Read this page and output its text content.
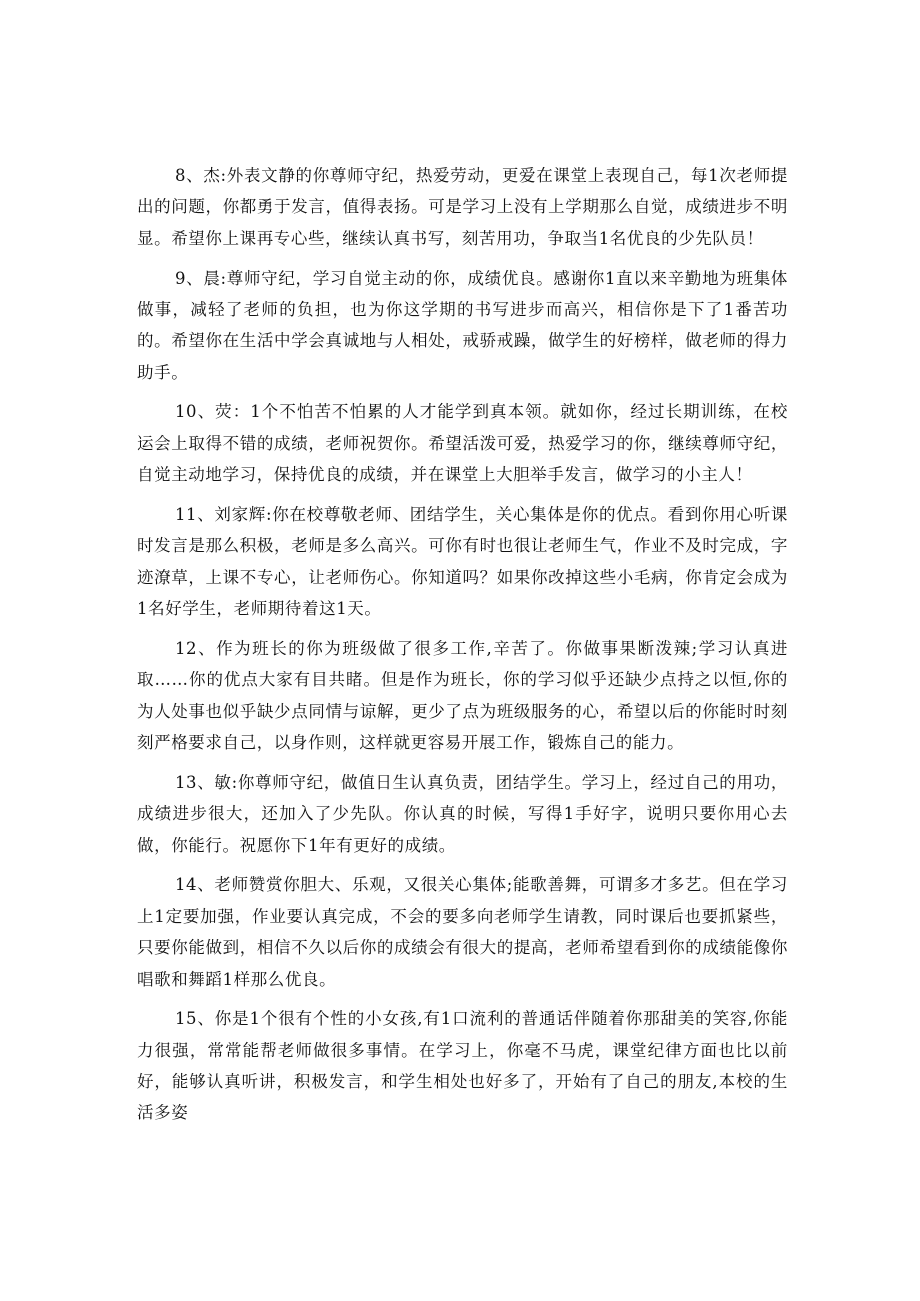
8、杰:外表文静的你尊师守纪，热爱劳动，更爱在课堂上表现自己，每1次老师提出的问题，你都勇于发言，值得表扬。可是学习上没有上学期那么自觉，成绩进步不明显。希望你上课再专心些，继续认真书写，刻苦用功，争取当1名优良的少先队员！

9、晨:尊师守纪，学习自觉主动的你，成绩优良。感谢你1直以来辛勤地为班集体做事，减轻了老师的负担，也为你这学期的书写进步而高兴，相信你是下了1番苦功的。希望你在生活中学会真诚地与人相处，戒骄戒躁，做学生的好榜样，做老师的得力助手。

10、荧：1个不怕苦不怕累的人才能学到真本领。就如你，经过长期训练，在校运会上取得不错的成绩，老师祝贺你。希望活泼可爱，热爱学习的你，继续尊师守纪，自觉主动地学习，保持优良的成绩，并在课堂上大胆举手发言，做学习的小主人！

11、刘家辉:你在校尊敬老师、团结学生，关心集体是你的优点。看到你用心听课时发言是那么积极，老师是多么高兴。可你有时也很让老师生气，作业不及时完成，字迹潦草，上课不专心，让老师伤心。你知道吗？如果你改掉这些小毛病，你肯定会成为1名好学生，老师期待着这1天。

12、作为班长的你为班级做了很多工作,辛苦了。你做事果断泼辣;学习认真进取……你的优点大家有目共睹。但是作为班长，你的学习似乎还缺少点持之以恒,你的为人处事也似乎缺少点同情与谅解，更少了点为班级服务的心，希望以后的你能时时刻刻严格要求自己，以身作则，这样就更容易开展工作，锻炼自己的能力。

13、敏:你尊师守纪，做值日生认真负责，团结学生。学习上，经过自己的用功，成绩进步很大，还加入了少先队。你认真的时候，写得1手好字，说明只要你用心去做，你能行。祝愿你下1年有更好的成绩。

14、老师赞赏你胆大、乐观，又很关心集体;能歌善舞，可谓多才多艺。但在学习上1定要加强，作业要认真完成，不会的要多向老师学生请教，同时课后也要抓紧些，只要你能做到，相信不久以后你的成绩会有很大的提高，老师希望看到你的成绩能像你唱歌和舞蹈1样那么优良。

15、你是1个很有个性的小女孩,有1口流利的普通话伴随着你那甜美的笑容,你能力很强，常常能帮老师做很多事情。在学习上，你毫不马虎，课堂纪律方面也比以前好，能够认真听讲，积极发言，和学生相处也好多了，开始有了自己的朋友,本校的生活多姿
